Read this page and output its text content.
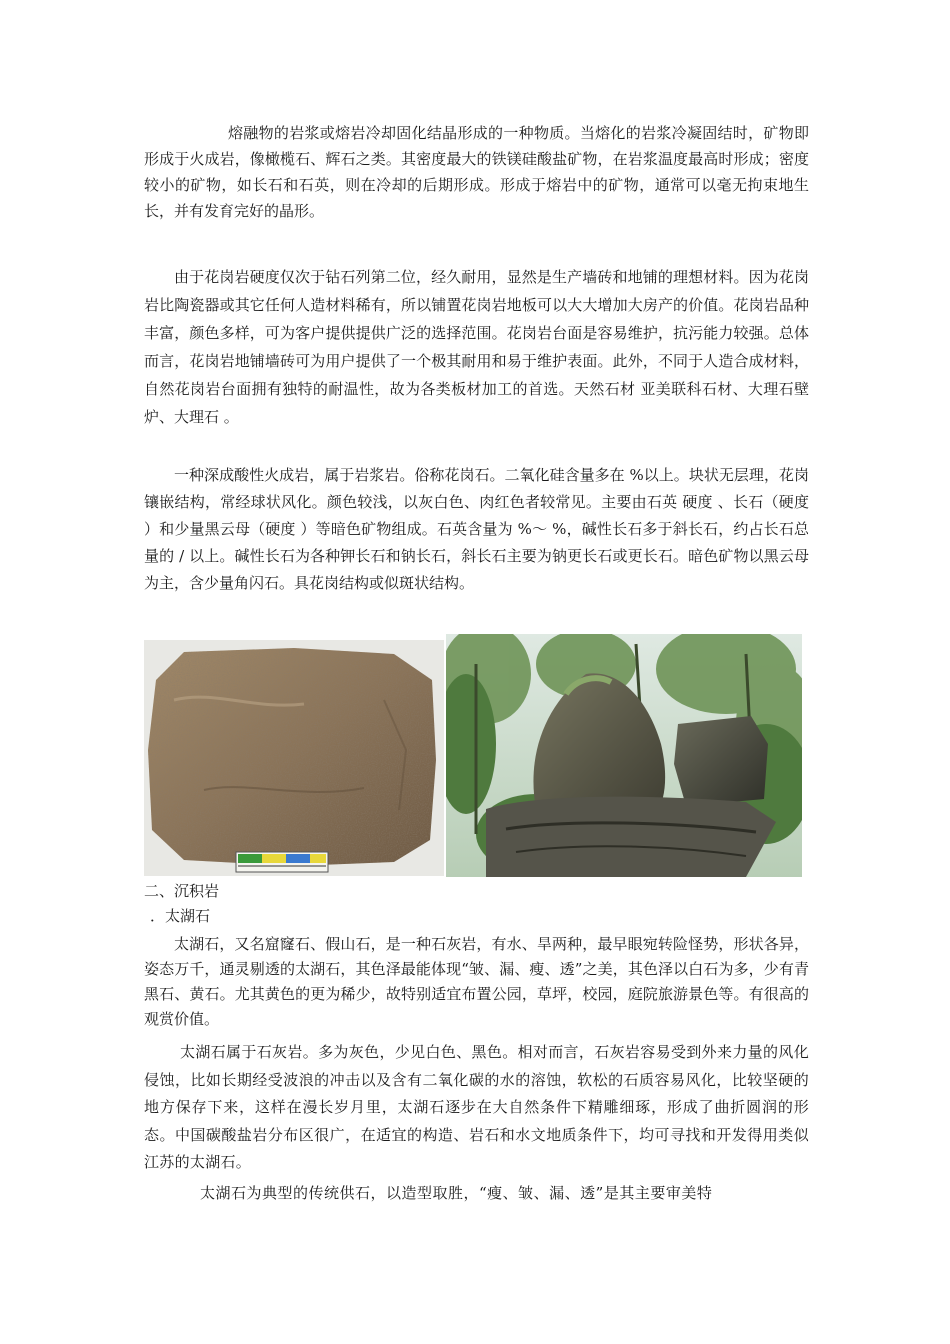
熔融物的岩浆或熔岩冷却固化结晶形成的一种物质。当熔化的岩浆冷凝固结时，矿物即形成于火成岩，像橄榄石、辉石之类。其密度最大的铁镁硅酸盐矿物，在岩浆温度最高时形成；密度较小的矿物，如长石和石英，则在冷却的后期形成。形成于熔岩中的矿物，通常可以毫无拘束地生长，并有发育完好的晶形。

由于花岗岩硬度仅次于钻石列第二位，经久耐用，显然是生产墙砖和地铺的理想材料。因为花岗岩比陶瓷器或其它任何人造材料稀有，所以铺置花岗岩地板可以大大增加大房产的价值。花岗岩品种丰富，颜色多样，可为客户提供提供广泛的选择范围。花岗岩台面是容易维护，抗污能力较强。总体而言，花岗岩地铺墙砖可为用户提供了一个极其耐用和易于维护表面。此外，不同于人造合成材料，自然花岗岩台面拥有独特的耐温性，故为各类板材加工的首选。天然石材 亚美联科石材、大理石壁炉、大理石 。

一种深成酸性火成岩，属于岩浆岩。俗称花岗石。二氧化硅含量多在 %以上。块状无层理，花岗镶嵌结构，常经球状风化。颜色较浅，以灰白色、肉红色者较常见。主要由石英 硬度 、长石（硬度 ）和少量黑云母（硬度 ）等暗色矿物组成。石英含量为 %～ %，碱性长石多于斜长石，约占长石总量的 / 以上。碱性长石为各种钾长石和钠长石，斜长石主要为钠更长石或更长石。暗色矿物以黑云母为主，含少量角闪石。具花岗结构或似斑状结构。

二、沉积岩

．太湖石

太湖石，又名窟窿石、假山石，是一种石灰岩，有水、旱两种，最早眼宛转险怪势，形状各异，姿态万千，通灵剔透的太湖石，其色泽最能体现“皱、漏、瘦、透”之美，其色泽以白石为多，少有青黑石、黄石。尤其黄色的更为稀少，故特别适宜布置公园，草坪，校园，庭院旅游景色等。有很高的观赏价值。

太湖石属于石灰岩。多为灰色，少见白色、黑色。相对而言，石灰岩容易受到外来力量的风化侵蚀，比如长期经受波浪的冲击以及含有二氧化碳的水的溶蚀，软松的石质容易风化，比较坚硬的地方保存下来，这样在漫长岁月里，太湖石逐步在大自然条件下精雕细琢，形成了曲折圆润的形态。中国碳酸盐岩分布区很广，在适宜的构造、岩石和水文地质条件下，均可寻找和开发得用类似江苏的太湖石。

太湖石为典型的传统供石，以造型取胜，“瘦、皱、漏、透”是其主要审美特
